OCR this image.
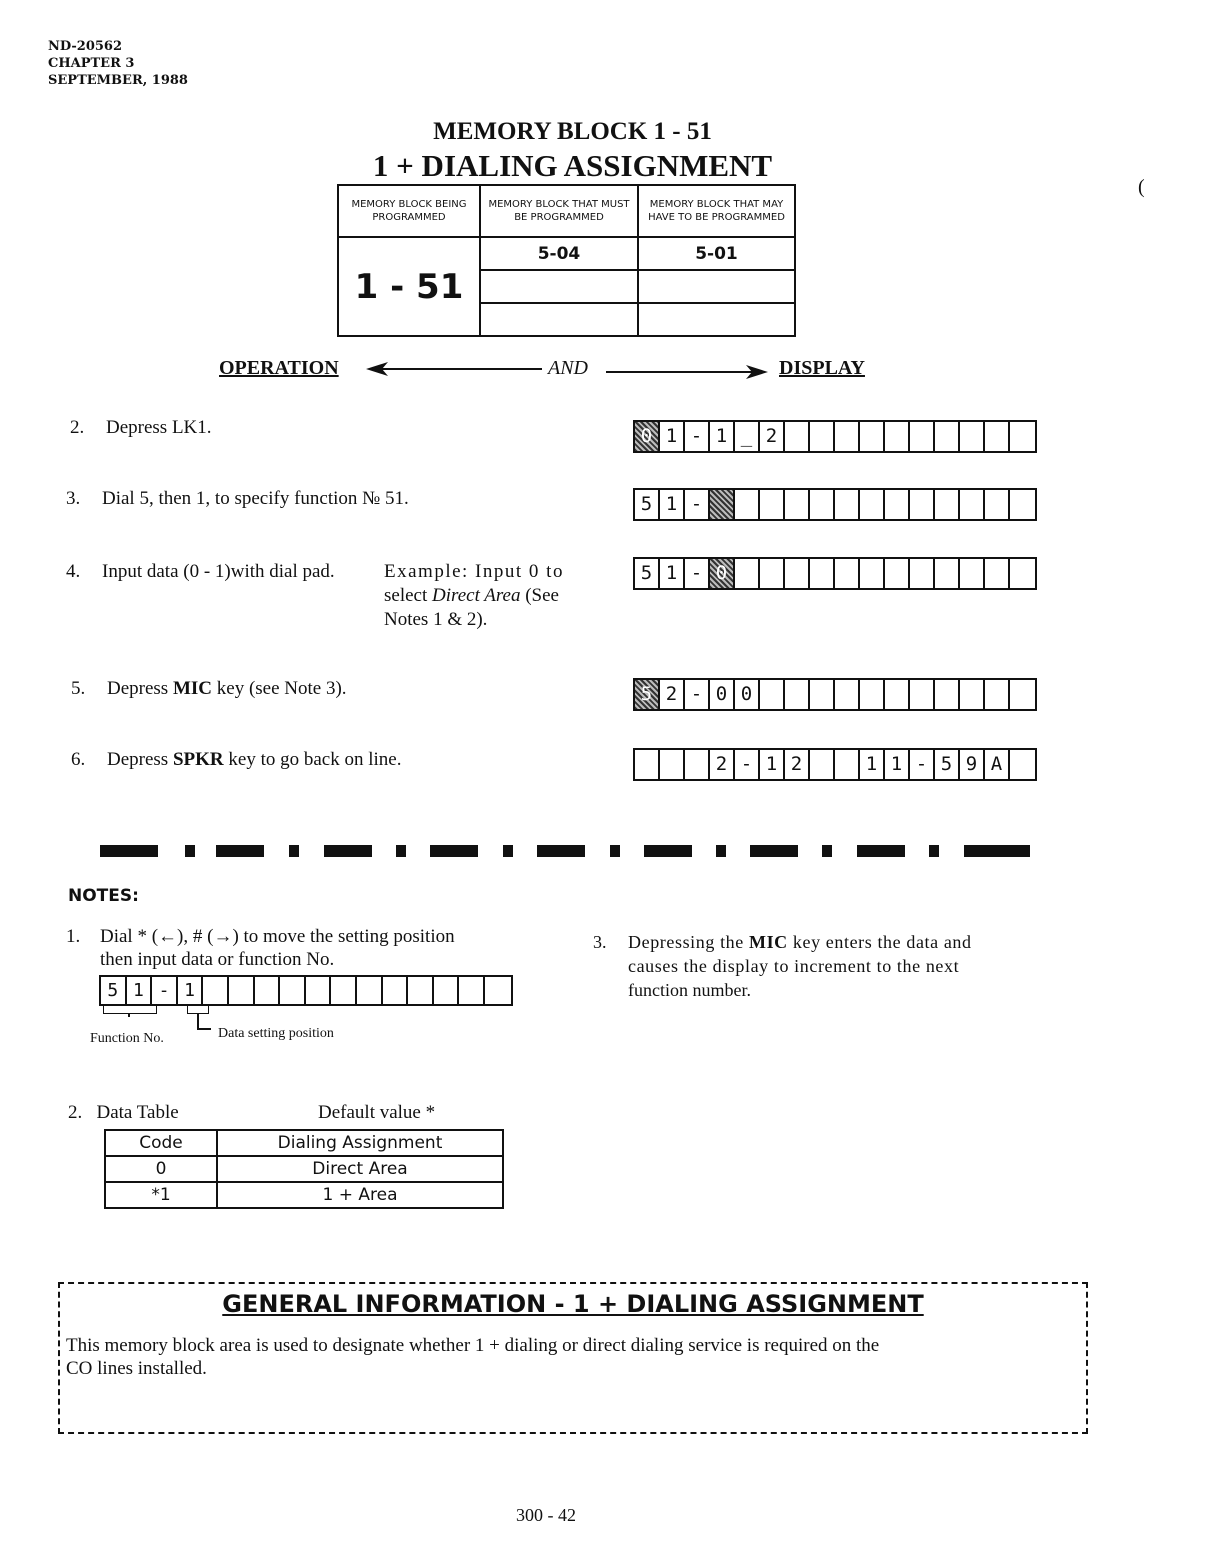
ND-20562
CHAPTER 3
SEPTEMBER, 1988
MEMORY BLOCK 1 - 51
1 + DIALING ASSIGNMENT
(
MEMORY BLOCK BEING PROGRAMMED	MEMORY BLOCK THAT MUST BE PROGRAMMED	MEMORY BLOCK THAT MAY HAVE TO BE PROGRAMMED
1 - 51	5-04	5-01

OPERATION	AND	DISPLAY
2. Depress LK1.	0 1 - 1 _ 2
3. Dial 5, then 1, to specify function № 51.	5 1 -
4. Input data (0 - 1)with dial pad.	Example: Input 0 to
select Direct Area (See
Notes 1 & 2).
5 1 - 0
5. Depress MIC key (see Note 3).	5 2 - 0 0
6. Depress SPKR key to go back on line.	2 - 1 2	1 1 - 5 9 A
NOTES:
1. Dial * (←), # (→) to move the setting position
then input data or function No.
5 1 - 1
Function No.	Data setting position
3. Depressing the MIC key enters the data and
causes the display to increment to the next
function number.
2. Data Table	Default value *
Code	Dialing Assignment
0	Direct Area
*1	1 + Area
GENERAL INFORMATION - 1 + DIALING ASSIGNMENT
This memory block area is used to designate whether 1 + dialing or direct dialing service is required on the
CO lines installed.
300 - 42
